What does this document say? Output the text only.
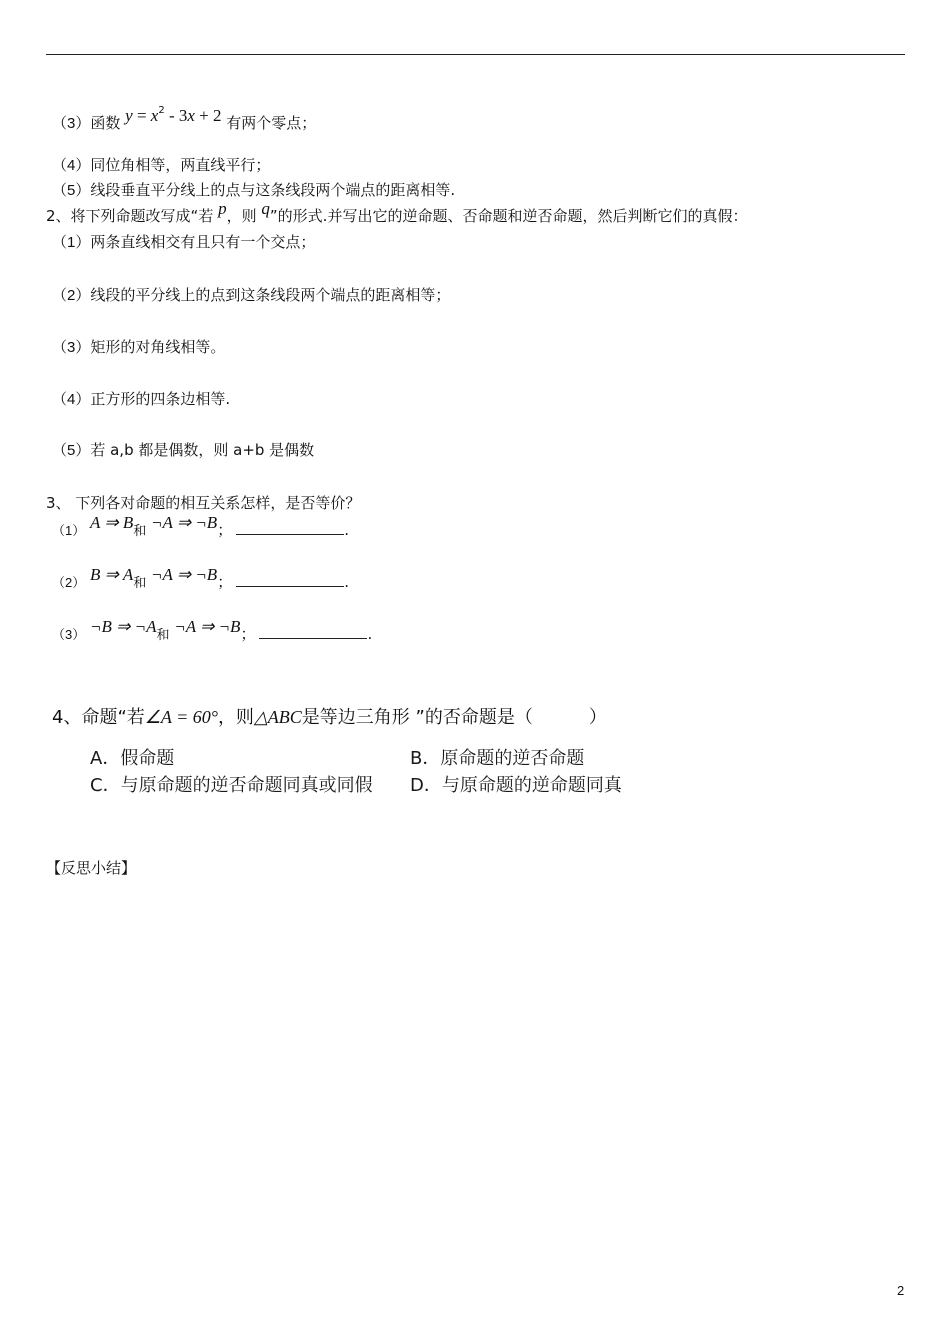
（3）函数 $y = x^2 - 3x + 2$ 有两个零点；
（4）同位角相等，两直线平行；
（5）线段垂直平分线上的点与这条线段两个端点的距离相等.
2、将下列命题改写成“若 p，则 q”的形式.并写出它的逆命题、否命题和逆否命题，然后判断它们的真假：
（1）两条直线相交有且只有一个交点；
（2）线段的平分线上的点到这条线段两个端点的距离相等；
（3）矩形的对角线相等。
（4）正方形的四条边相等.
（5）若 a,b 都是偶数，则 a+b 是偶数
3、 下列各对命题的相互关系怎样，是否等价？
（1） A ⇒ B和 ¬A ⇒ ¬B；	.
（2） B ⇒ A和 ¬A ⇒ ¬B；	.
（3） ¬B ⇒ ¬A和 ¬A ⇒ ¬B；	.
4、命题“若∠A = 60°，则△ABC是等边三角形 ”的否命题是（	）
A．假命题	B．原命题的逆否命题
C．与原命题的逆否命题同真或同假 D．与原命题的逆命题同真
【反思小结】
2
